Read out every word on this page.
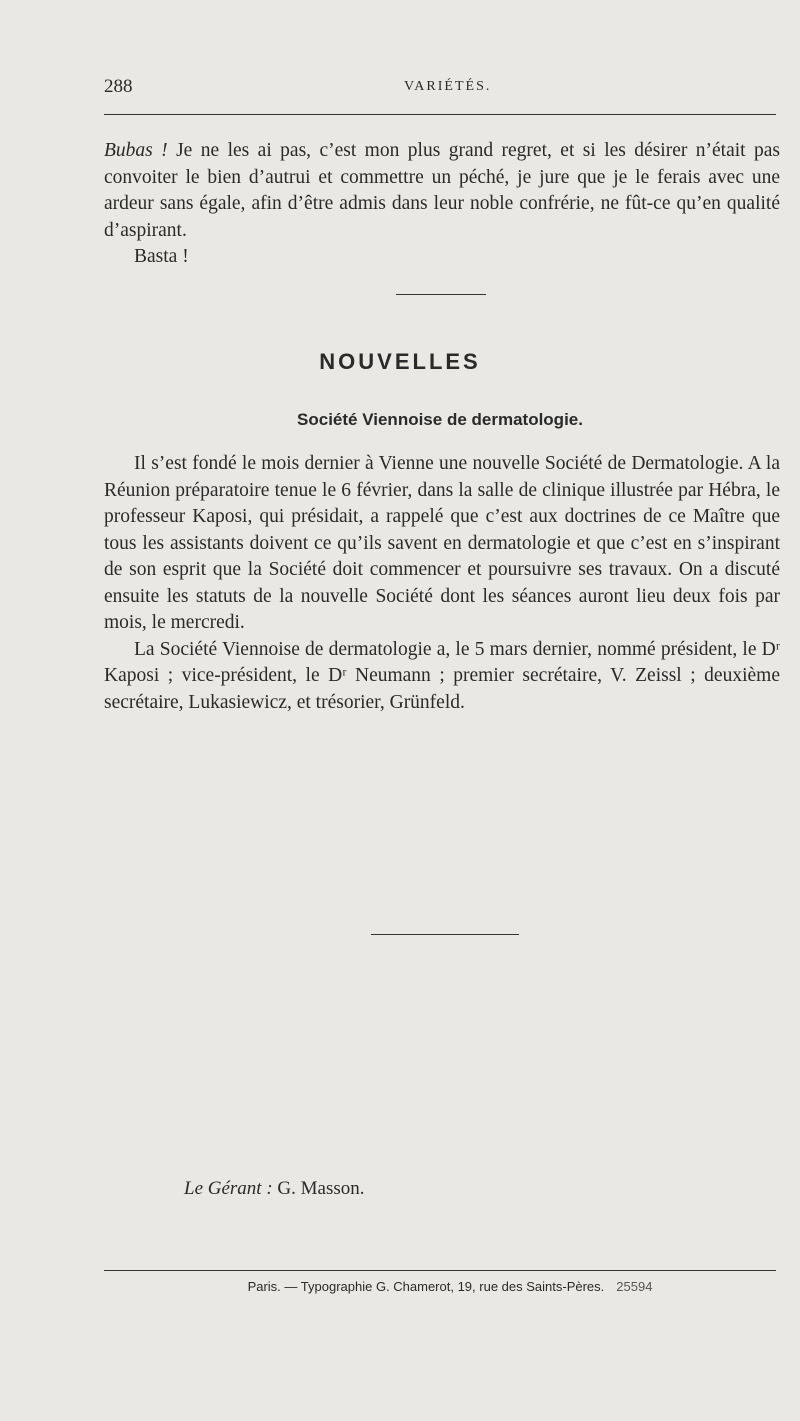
288	VARIÉTÉS.

Bubas ! Je ne les ai pas, c’est mon plus grand regret, et si les désirer n’était pas convoiter le bien d’autrui et commettre un péché, je jure que je le ferais avec une ardeur sans égale, afin d’être admis dans leur noble confrérie, ne fût-ce qu’en qualité d’aspirant.

Basta !

NOUVELLES
Société Viennoise de dermatologie.

Il s’est fondé le mois dernier à Vienne une nouvelle Société de Dermatologie. A la Réunion préparatoire tenue le 6 février, dans la salle de clinique illustrée par Hébra, le professeur Kaposi, qui présidait, a rappelé que c’est aux doctrines de ce Maître que tous les assistants doivent ce qu’ils savent en dermatologie et que c’est en s’inspirant de son esprit que la Société doit commencer et poursuivre ses travaux. On a discuté ensuite les statuts de la nouvelle Société dont les séances auront lieu deux fois par mois, le mercredi.

La Société Viennoise de dermatologie a, le 5 mars dernier, nommé président, le Dʳ Kaposi ; vice-président, le Dʳ Neumann ; premier secrétaire, V. Zeissl ; deuxième secrétaire, Lukasiewicz, et trésorier, Grünfeld.

Le Gérant : G. Masson.
Paris. — Typographie G. Chamerot, 19, rue des Saints-Pères. 25594
